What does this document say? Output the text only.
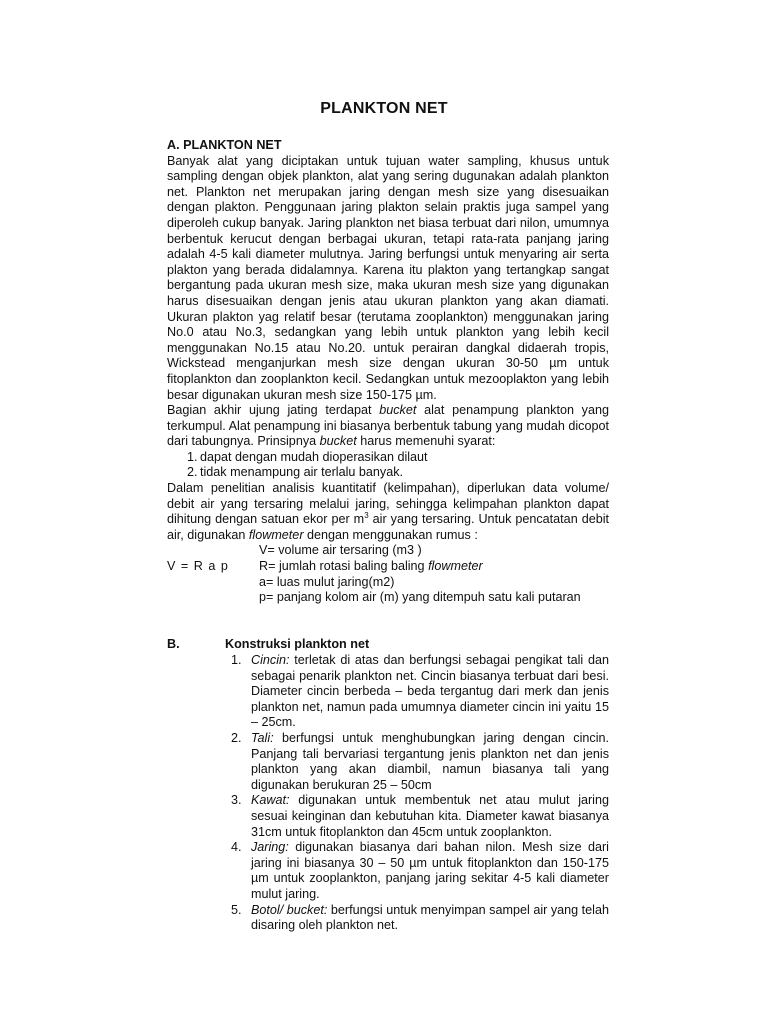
PLANKTON NET
A. PLANKTON NET

Banyak alat yang diciptakan untuk tujuan water sampling, khusus untuk sampling dengan objek plankton, alat yang sering dugunakan adalah plankton net. Plankton net merupakan jaring dengan mesh size yang disesuaikan dengan plakton. Penggunaan jaring plakton selain praktis juga sampel yang diperoleh cukup banyak. Jaring plankton net biasa terbuat dari nilon, umumnya berbentuk kerucut dengan berbagai ukuran, tetapi rata-rata panjang jaring adalah 4-5 kali diameter mulutnya. Jaring berfungsi untuk menyaring air serta plakton yang berada didalamnya. Karena itu plakton yang tertangkap sangat bergantung pada ukuran mesh size, maka ukuran mesh size yang digunakan harus disesuaikan dengan jenis atau ukuran plankton yang akan diamati. Ukuran plakton yag relatif besar (terutama zooplankton) menggunakan jaring No.0 atau No.3, sedangkan yang lebih untuk plankton yang lebih kecil menggunakan No.15 atau No.20. untuk perairan dangkal didaerah tropis, Wickstead menganjurkan mesh size dengan ukuran 30-50 µm untuk fitoplankton dan zooplankton kecil. Sedangkan untuk mezooplakton yang lebih besar digunakan ukuran mesh size 150-175 µm.

Bagian akhir ujung jating terdapat bucket alat penampung plankton yang terkumpul. Alat penampung ini biasanya berbentuk tabung yang mudah dicopot dari tabungnya. Prinsipnya bucket harus memenuhi syarat:

1. dapat dengan mudah dioperasikan dilaut
2. tidak menampung air terlalu banyak.

Dalam penelitian analisis kuantitatif (kelimpahan), diperlukan data volume/ debit air yang tersaring melalui jaring, sehingga kelimpahan plankton dapat dihitung dengan satuan ekor per $m^3$ air yang tersaring. Untuk pencatatan debit air, digunakan flowmeter dengan menggunakan rumus :

V = R a p
V= volume air tersaring (m3 )
R= jumlah rotasi baling baling flowmeter
a= luas mulut jaring(m2)
p= panjang kolom air (m) yang ditempuh satu kali putaran
B.	Konstruksi plankton net
1. Cincin: terletak di atas dan berfungsi sebagai pengikat tali dan sebagai penarik plankton net. Cincin biasanya terbuat dari besi. Diameter cincin berbeda – beda tergantug dari merk dan jenis plankton net, namun pada umumnya diameter cincin ini yaitu 15 – 25cm.
2. Tali: berfungsi untuk menghubungkan jaring dengan cincin. Panjang tali bervariasi tergantung jenis plankton net dan jenis plankton yang akan diambil, namun biasanya tali yang digunakan berukuran 25 – 50cm
3. Kawat: digunakan untuk membentuk net atau mulut jaring sesuai keinginan dan kebutuhan kita. Diameter kawat biasanya 31cm untuk fitoplankton dan 45cm untuk zooplankton.
4. Jaring: digunakan biasanya dari bahan nilon. Mesh size dari jaring ini biasanya 30 – 50 µm untuk fitoplankton dan 150-175 µm untuk zooplankton, panjang jaring sekitar 4-5 kali diameter mulut jaring.
5. Botol/ bucket: berfungsi untuk menyimpan sampel air yang telah disaring oleh plankton net.
